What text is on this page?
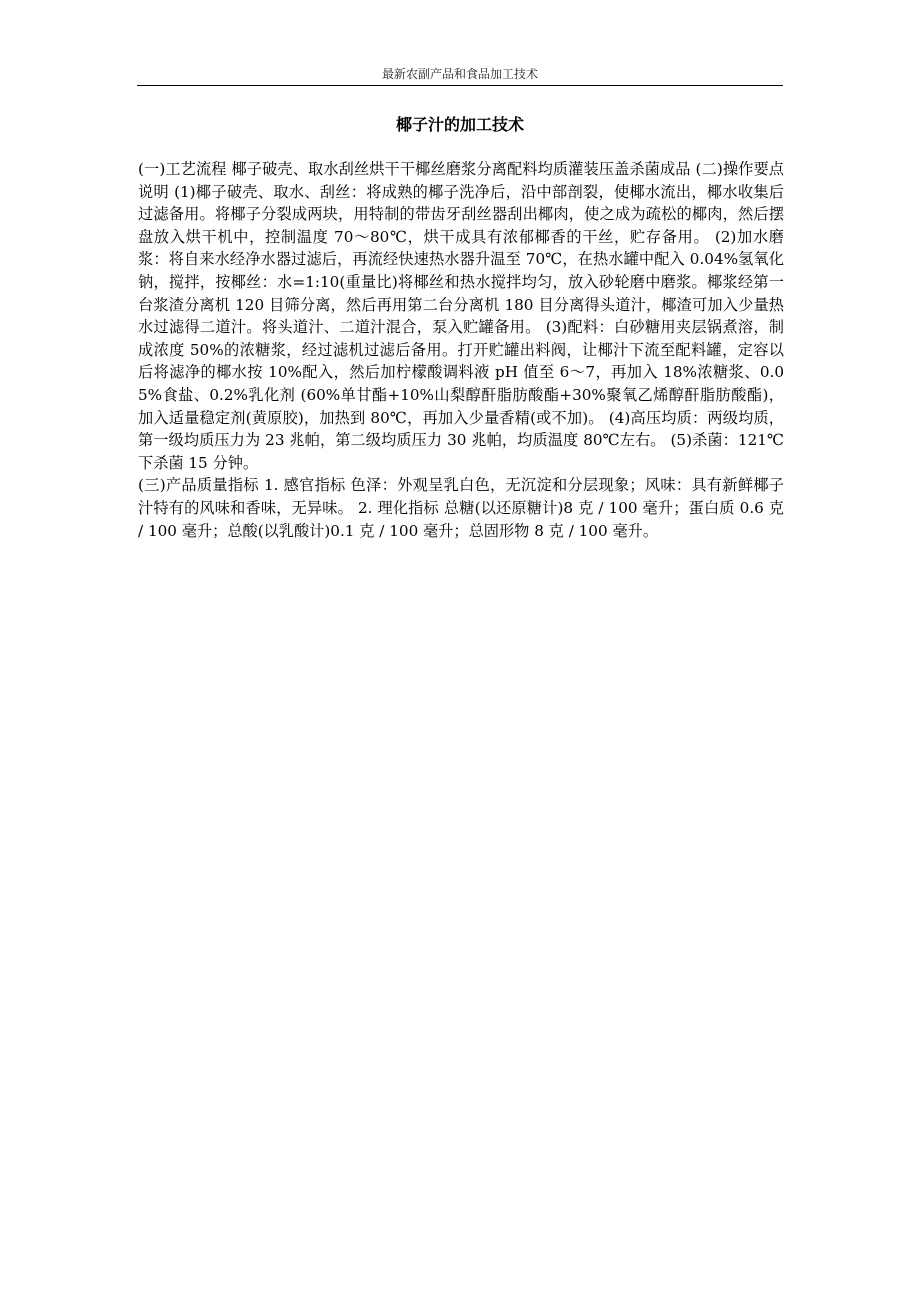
最新农副产品和食品加工技术
椰子汁的加工技术

(一)工艺流程 椰子破壳、取水刮丝烘干干椰丝磨浆分离配料均质灌装压盖杀菌成品 (二)操作要点说明 (1)椰子破壳、取水、刮丝：将成熟的椰子洗净后，沿中部剖裂，使椰水流出，椰水收集后过滤备用。将椰子分裂成两块，用特制的带齿牙刮丝器刮出椰肉，使之成为疏松的椰肉，然后摆盘放入烘干机中，控制温度 70～80℃，烘干成具有浓郁椰香的干丝，贮存备用。 (2)加水磨浆：将自来水经净水器过滤后，再流经快速热水器升温至 70℃，在热水罐中配入 0.04%氢氧化钠，搅拌，按椰丝：水=1:10(重量比)将椰丝和热水搅拌均匀，放入砂轮磨中磨浆。椰浆经第一台浆渣分离机 120 目筛分离，然后再用第二台分离机 180 目分离得头道汁，椰渣可加入少量热水过滤得二道汁。将头道汁、二道汁混合，泵入贮罐备用。 (3)配料：白砂糖用夹层锅煮溶，制成浓度 50%的浓糖浆，经过滤机过滤后备用。打开贮罐出料阀，让椰汁下流至配料罐，定容以后将滤净的椰水按 10%配入，然后加柠檬酸调料液 pH 值至 6～7，再加入 18%浓糖浆、0.05%食盐、0.2%乳化剂 (60%单甘酯+10%山梨醇酐脂肪酸酯+30%聚氧乙烯醇酐脂肪酸酯)，加入适量稳定剂(黄原胶)，加热到 80℃，再加入少量香精(或不加)。 (4)高压均质：两级均质，第一级均质压力为 23 兆帕，第二级均质压力 30 兆帕，均质温度 80℃左右。 (5)杀菌：121℃下杀菌 15 分钟。

(三)产品质量指标 1. 感官指标 色泽：外观呈乳白色，无沉淀和分层现象；风味：具有新鲜椰子汁特有的风味和香味，无异味。 2. 理化指标 总糖(以还原糖计)8 克 / 100 毫升；蛋白质 0.6 克 / 100 毫升；总酸(以乳酸计)0.1 克 / 100 毫升；总固形物 8 克 / 100 毫升。
